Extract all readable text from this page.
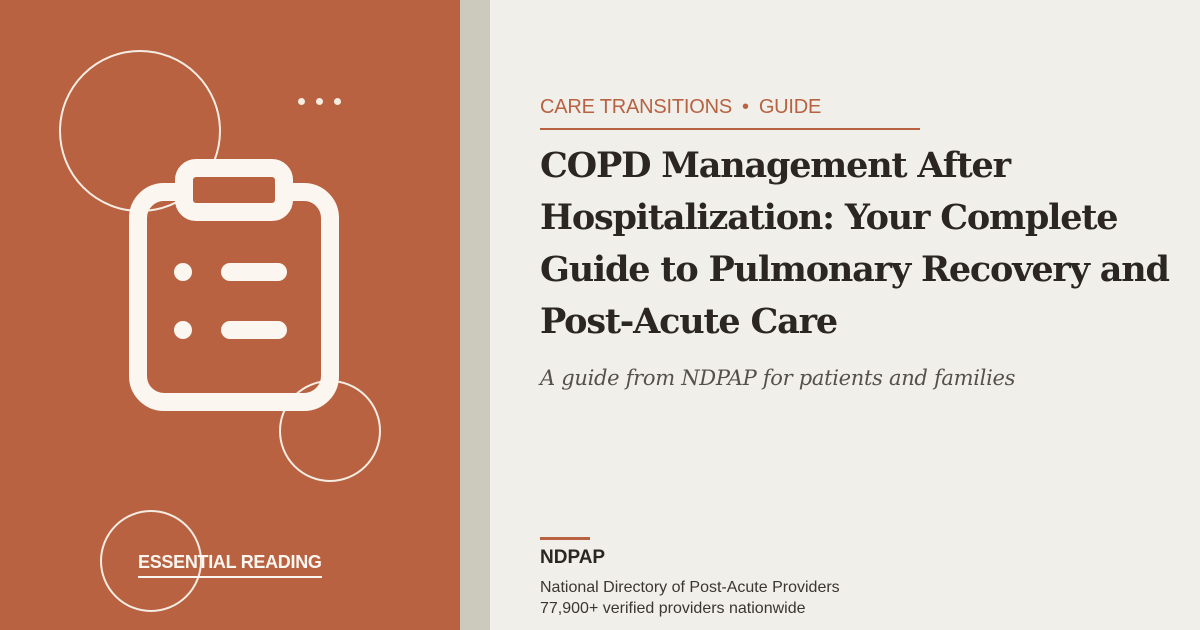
ESSENTIAL READING
CARE TRANSITIONS • GUIDE
COPD Management After Hospitalization: Your Complete Guide to Pulmonary Recovery and Post-Acute Care
A guide from NDPAP for patients and families
NDPAP
National Directory of Post-Acute Providers
77,900+ verified providers nationwide
